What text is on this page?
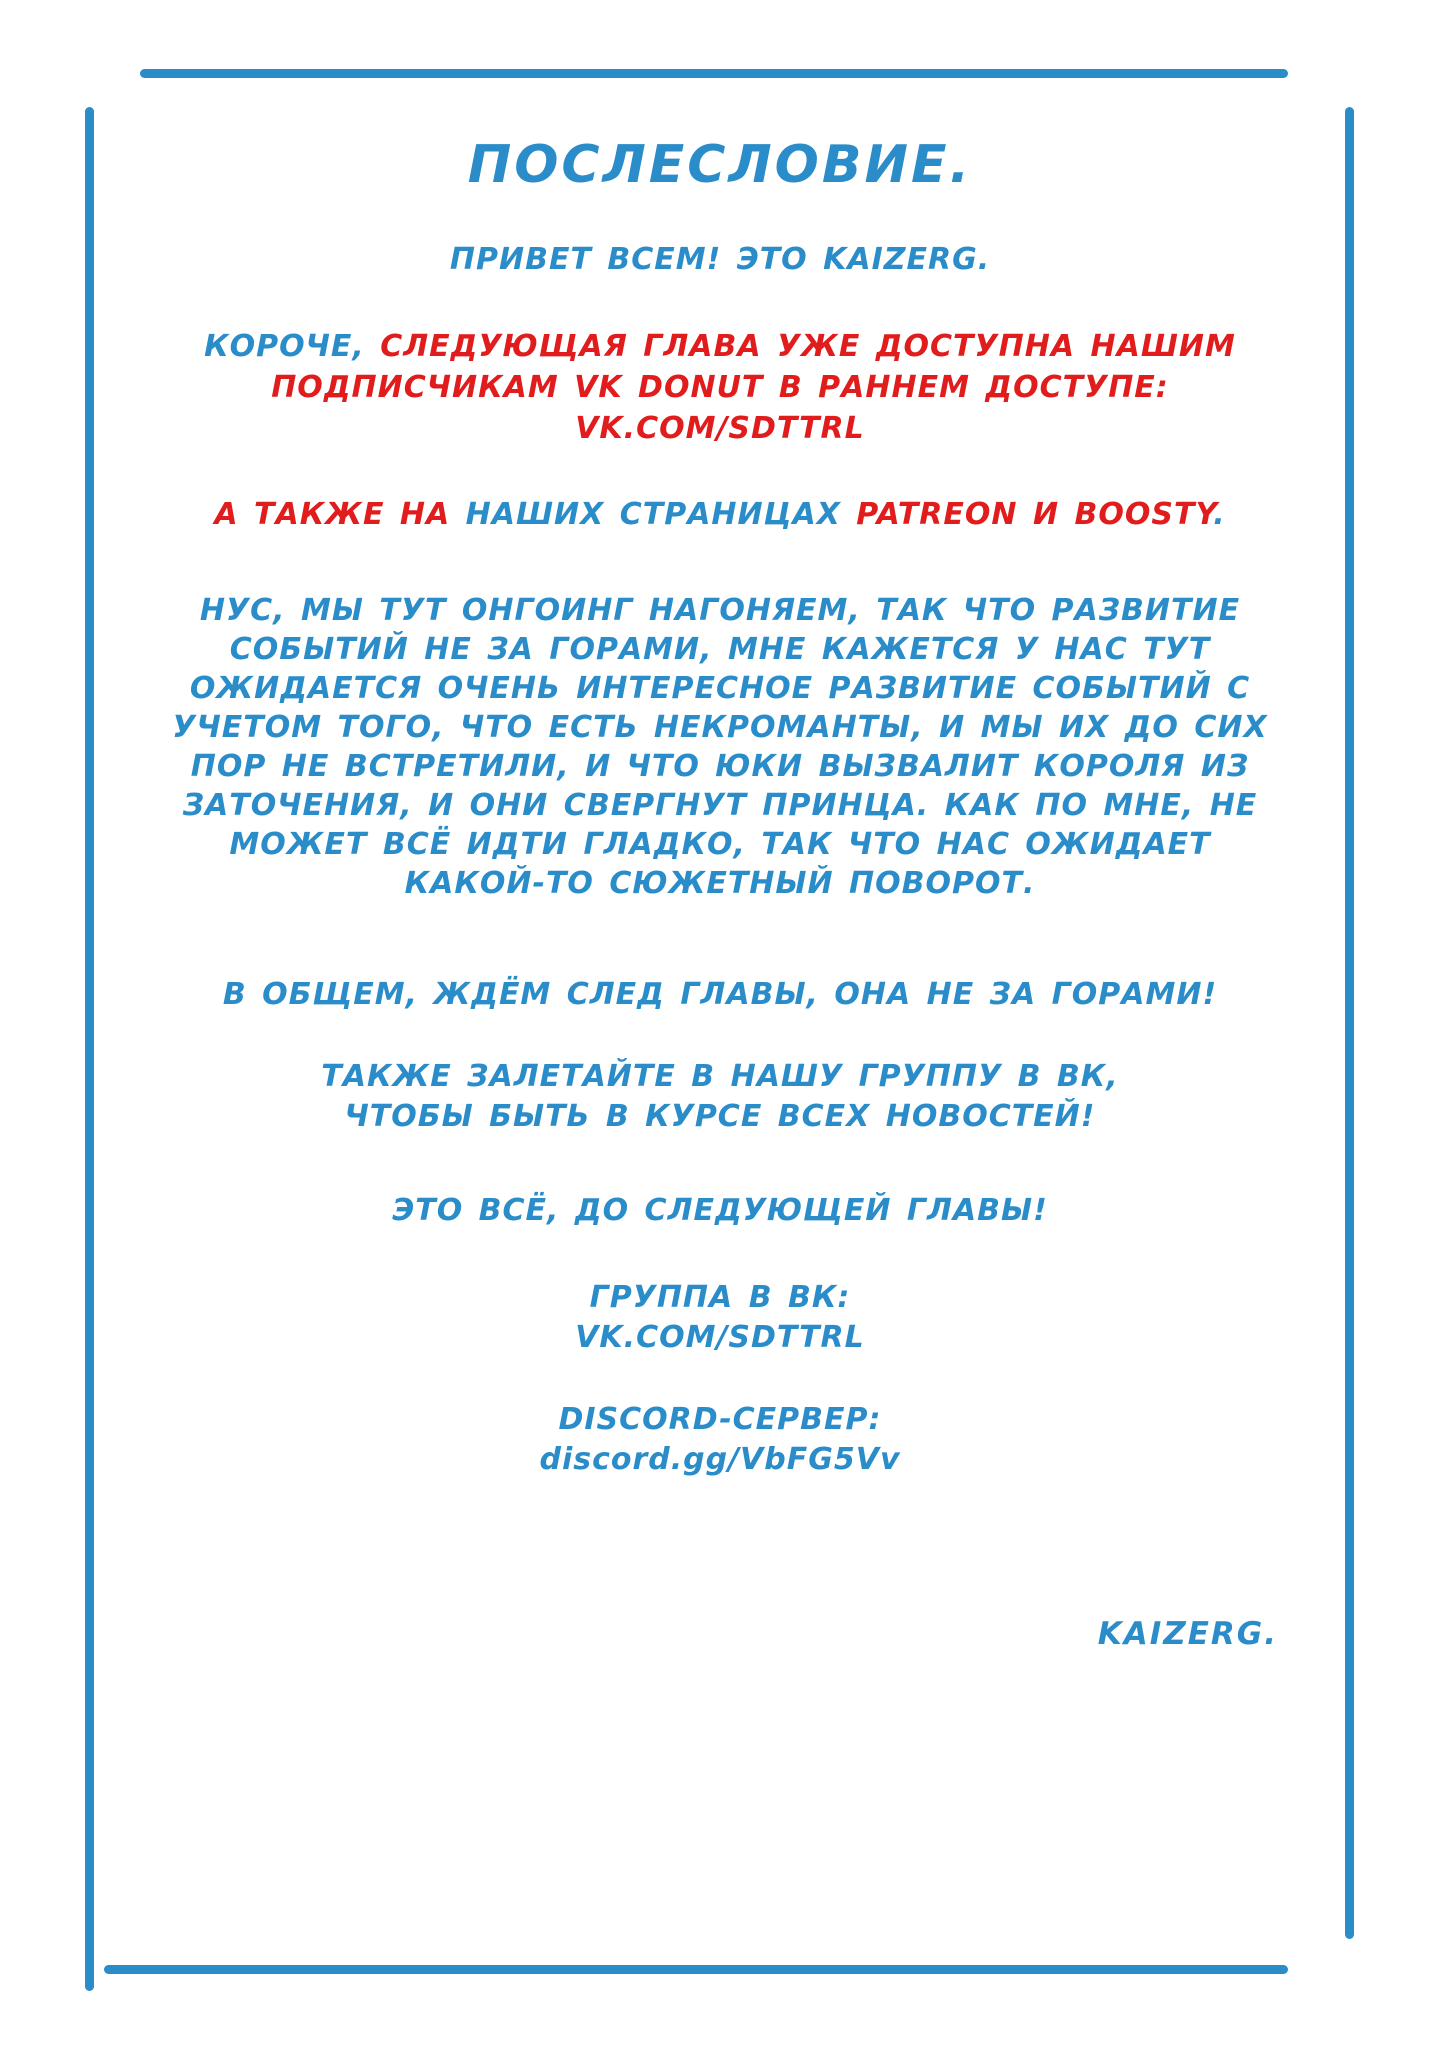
ПОСЛЕСЛОВИЕ.
ПРИВЕТ ВСЕМ! ЭТО KAIZERG.
КОРОЧЕ, СЛЕДУЮЩАЯ ГЛАВА УЖЕ ДОСТУПНА НАШИМ
ПОДПИСЧИКАМ VK DONUT В РАННЕМ ДОСТУПЕ:
VK.COM/SDTTRL
А ТАКЖЕ НА НАШИХ СТРАНИЦАХ PATREON И BOOSTY.
НУС, МЫ ТУТ ОНГОИНГ НАГОНЯЕМ, ТАК ЧТО РАЗВИТИЕ
СОБЫТИЙ НЕ ЗА ГОРАМИ, МНЕ КАЖЕТСЯ У НАС ТУТ
ОЖИДАЕТСЯ ОЧЕНЬ ИНТЕРЕСНОЕ РАЗВИТИЕ СОБЫТИЙ С
УЧЕТОМ ТОГО, ЧТО ЕСТЬ НЕКРОМАНТЫ, И МЫ ИХ ДО СИХ
ПОР НЕ ВСТРЕТИЛИ, И ЧТО ЮКИ ВЫЗВАЛИТ КОРОЛЯ ИЗ
ЗАТОЧЕНИЯ, И ОНИ СВЕРГНУТ ПРИНЦА. КАК ПО МНЕ, НЕ
МОЖЕТ ВСЁ ИДТИ ГЛАДКО, ТАК ЧТО НАС ОЖИДАЕТ
КАКОЙ-ТО СЮЖЕТНЫЙ ПОВОРОТ.
В ОБЩЕМ, ЖДЁМ СЛЕД ГЛАВЫ, ОНА НЕ ЗА ГОРАМИ!
ТАКЖЕ ЗАЛЕТАЙТЕ В НАШУ ГРУППУ В ВК,
ЧТОБЫ БЫТЬ В КУРСЕ ВСЕХ НОВОСТЕЙ!
ЭТО ВСЁ, ДО СЛЕДУЮЩЕЙ ГЛАВЫ!
ГРУППА В ВК:
VK.COM/SDTTRL
DISCORD-СЕРВЕР:
discord.gg/VbFG5Vv
KAIZERG.
